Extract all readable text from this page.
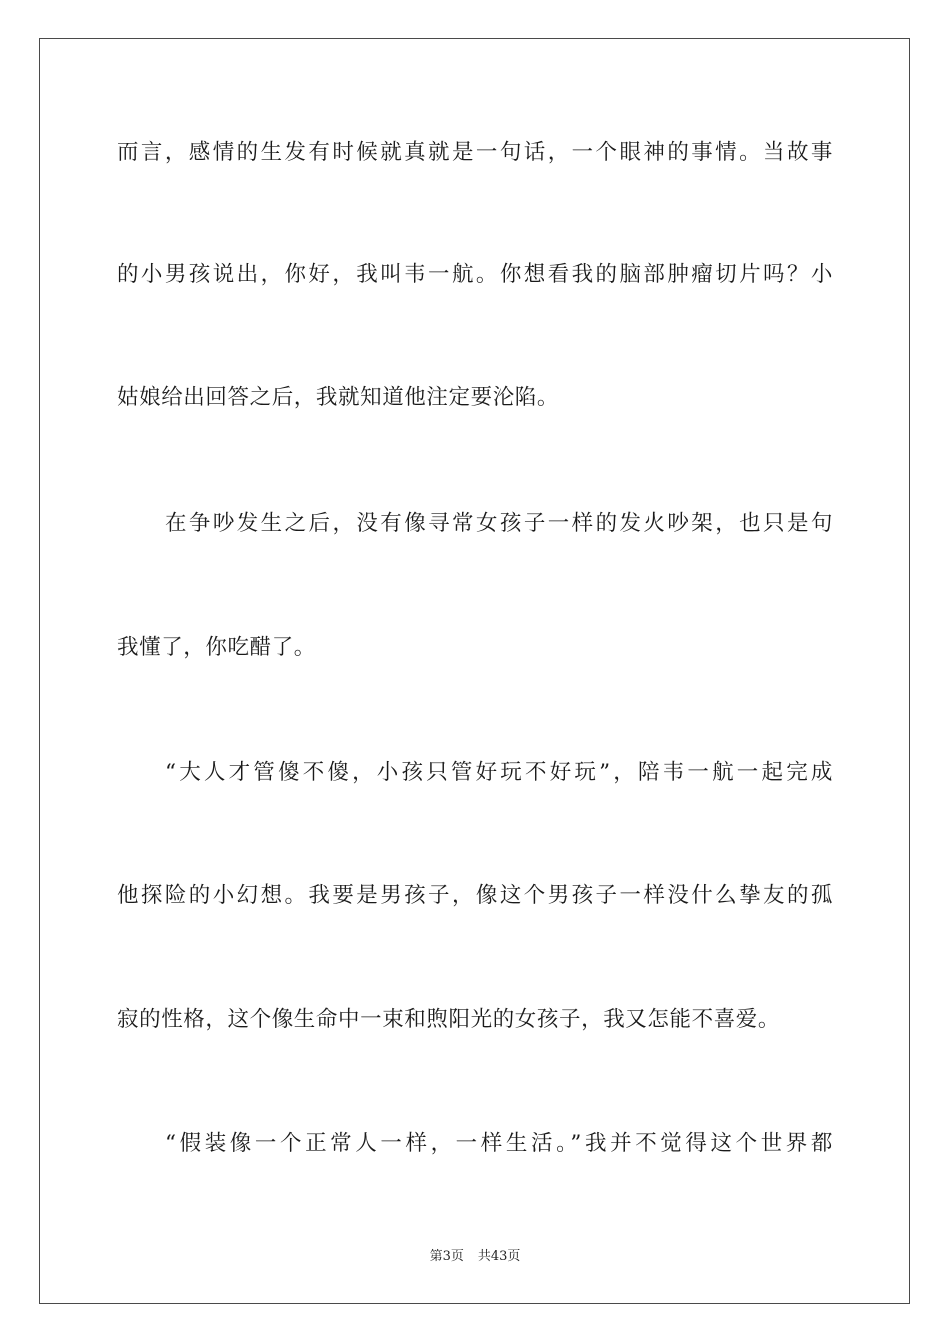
而言，感情的生发有时候就真就是一句话，一个眼神的事情。当故事
的小男孩说出，你好，我叫韦一航。你想看我的脑部肿瘤切片吗？小
姑娘给出回答之后，我就知道他注定要沦陷。
在争吵发生之后，没有像寻常女孩子一样的发火吵架，也只是句
我懂了，你吃醋了。
“大人才管傻不傻，小孩只管好玩不好玩”，陪韦一航一起完成
他探险的小幻想。我要是男孩子，像这个男孩子一样没什么挚友的孤
寂的性格，这个像生命中一束和煦阳光的女孩子，我又怎能不喜爱。
“假装像一个正常人一样，一样生活。”我并不觉得这个世界都
第3页 共43页
